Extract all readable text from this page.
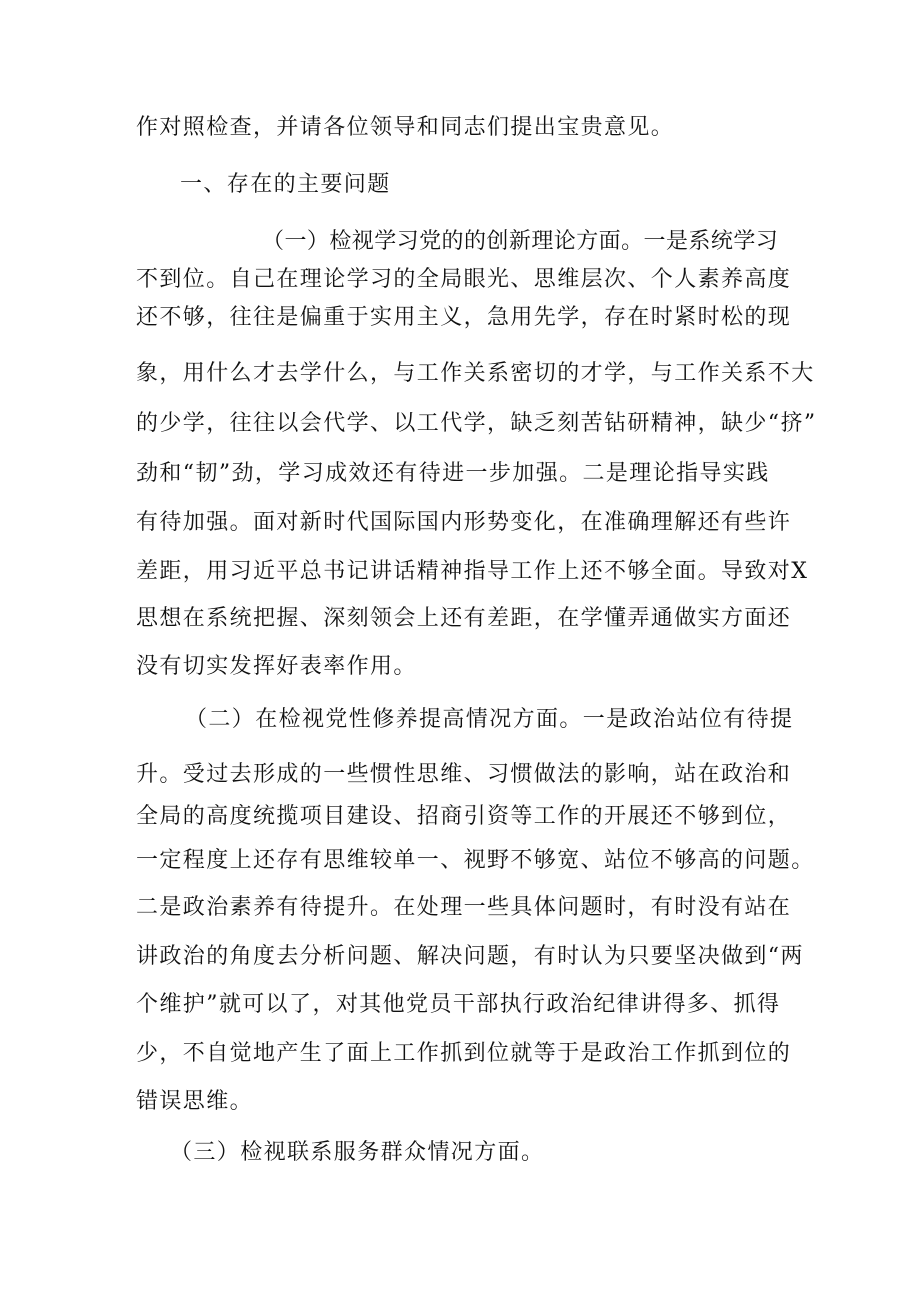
作对照检查，并请各位领导和同志们提出宝贵意见。
一、存在的主要问题
（一）检视学习党的的创新理论方面。一是系统学习
不到位。自己在理论学习的全局眼光、思维层次、个人素养高度
还不够，往往是偏重于实用主义，急用先学，存在时紧时松的现
象，用什么才去学什么，与工作关系密切的才学，与工作关系不大
的少学，往往以会代学、以工代学，缺乏刻苦钻研精神，缺少“挤”
劲和“韧”劲，学习成效还有待进一步加强。二是理论指导实践
有待加强。面对新时代国际国内形势变化，在准确理解还有些许
差距，用习近平总书记讲话精神指导工作上还不够全面。导致对X
思想在系统把握、深刻领会上还有差距，在学懂弄通做实方面还
没有切实发挥好表率作用。
（二）在检视党性修养提高情况方面。一是政治站位有待提
升。受过去形成的一些惯性思维、习惯做法的影响，站在政治和
全局的高度统揽项目建设、招商引资等工作的开展还不够到位，
一定程度上还存有思维较单一、视野不够宽、站位不够高的问题。
二是政治素养有待提升。在处理一些具体问题时，有时没有站在
讲政治的角度去分析问题、解决问题，有时认为只要坚决做到“两
个维护”就可以了，对其他党员干部执行政治纪律讲得多、抓得
少，不自觉地产生了面上工作抓到位就等于是政治工作抓到位的
错误思维。
（三）检视联系服务群众情况方面。
